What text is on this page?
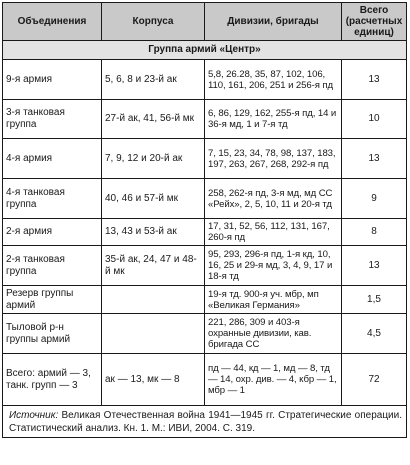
Объединения	Корпуса	Дивизии, бригады	Всего (расчетных единиц)
Группа армий «Центр»			
9-я армия	5, 6, 8 и 23-й ак	5,8, 26.28, 35, 87, 102, 106, 110, 161, 206, 251 и 256-я пд	13
3-я танковая группа	27-й ак, 41, 56-й мк	6, 86, 129, 162, 255-я пд, 14 и 36-я мд, 1 и 7-я тд	10
4-я армия	7, 9, 12 и 20-й ак	7, 15, 23, 34, 78, 98, 137, 183, 197, 263, 267, 268, 292-я пд	13
4-я танковая группа	40, 46 и 57-й мк	258, 262-я пд, 3-я мд, мд СС «Рейх», 2, 5, 10, 11 и 20-я тд	9
2-я армия	13, 43 и 53-й ак	17, 31, 52, 56, 112, 131, 167, 260-я пд	8
2-я танковая группа	35-й ак, 24, 47 и 48-й мк	95, 293, 296-я пд, 1-я кд, 10, 16, 25 и 29-я мд, 3, 4, 9, 17 и 18-я тд	13
Резерв группы армий		19-я тд. 900-я уч. мбр, мп «Великая Германия»	1,5
Тыловой р-н группы армий		221, 286, 309 и 403-я охранные дивизии, кав. бригада СС	4,5
Всего: армий — 3, танк. групп — 3	ак — 13, мк — 8	пд — 44, кд — 1, мд — 8, тд — 14, охр. див. — 4, кбр — 1, мбр — 1	72
Источник: Великая Отечественная война 1941—1945 гг. Стратегические операции. Статистический анализ. Кн. 1. М.: ИВИ, 2004. С. 319.			
